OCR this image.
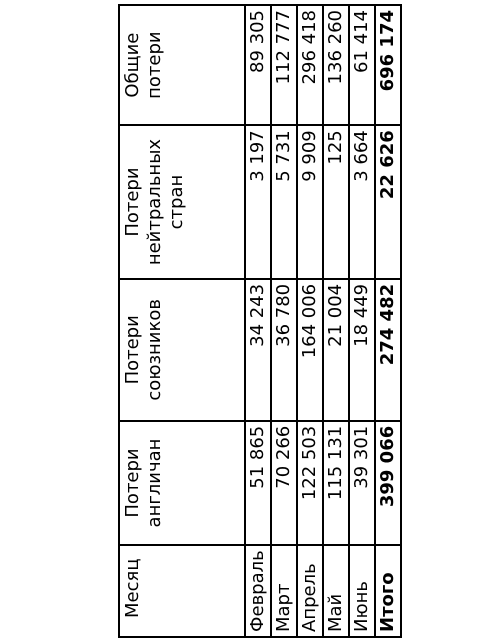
Месяц	Потери англичан	Потери союзников	Потери нейтральных стран	Общие потери
Февраль	51 865	34 243	3 197	89 305
Март	70 266	36 780	5 731	112 777
Апрель	122 503	164 006	9 909	296 418
Май	115 131	21 004	125	136 260
Июнь	39 301	18 449	3 664	61 414
Итого	399 066	274 482	22 626	696 174
